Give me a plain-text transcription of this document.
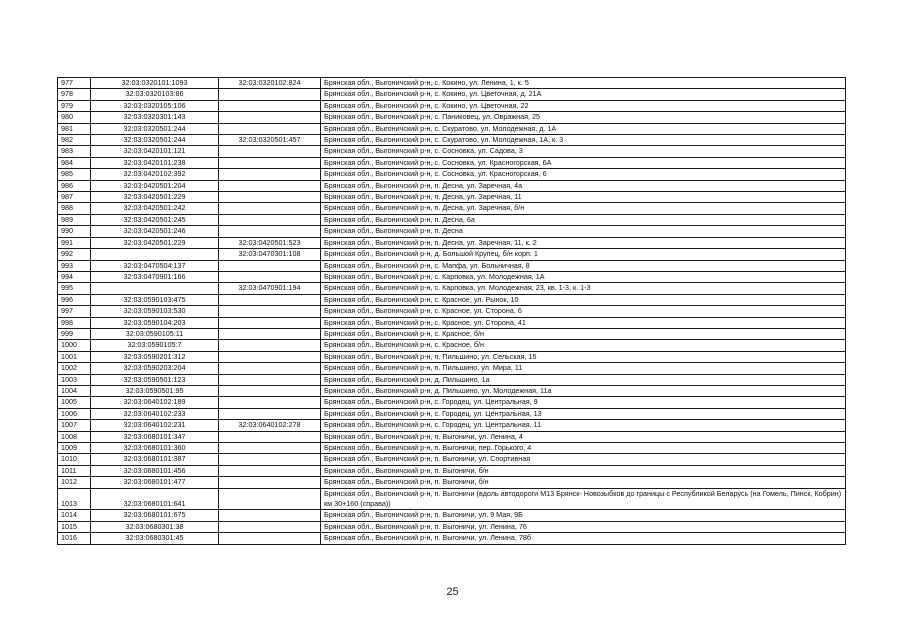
977	32:03:0320101:1093	32:03:0320102:824	Брянская обл., Выгоничский р-н, с. Кокино, ул. Ленина, 1, к. 5
978	32:03:0320103:86		Брянская обл., Выгоничский р-н, с. Кокино, ул. Цветочная, д. 21А
979	32:03:0320105:106		Брянская обл., Выгоничский р-н, с. Кокино, ул. Цветочная, 22
980	32:03:0320301:143		Брянская обл., Выгоничский р-н, с. Паниковец, ул. Овражная, 25
981	32:03:0320501:244		Брянская обл., Выгоничский р-н, с. Скуратово, ул. Молодежная, д. 1А
982	32:03:0320501:244	32:03:0320501:457	Брянская обл., Выгоничский р-н, с. Скуратово, ул. Молодежная, 1А, к. 3
983	32:03:0420101:121		Брянская обл., Выгоничский р-н, с. Сосновка, ул. Садова, 3
984	32:03:0420101:238		Брянская обл., Выгоничский р-н, с. Сосновка, ул. Красногорская, 6А
985	32:03:0420102:392		Брянская обл., Выгоничский р-н, с. Сосновка, ул. Красногорская, 6
986	32:03:0420501:204		Брянская обл., Выгоничский р-н, п. Десна, ул. Заречная, 4а
987	32:03:0420501:229		Брянская обл., Выгоничский р-н, п. Десна, ул. Заречная, 11
988	32:03:0420501:242		Брянская обл., Выгоничский р-н, п. Десна, ул. Заречная, б/н
989	32:03:0420501:245		Брянская обл., Выгоничский р-н, п. Десна, 6а
990	32:03:0420501:246		Брянская обл., Выгоничский р-н, п. Десна
991	32:03:0420501:229	32:03:0420501:523	Брянская обл., Выгоничский р-н, п. Десна, ул. Заречная, 11, к. 2
992		32:03:0470301:108	Брянская обл., Выгоничский р-н, д. Большой Крупец, б/н корп. 1
993	32:03:0470504:137		Брянская обл., Выгоничский р-н, с. Мапфа, ул. Больничная, 8
994	32:03:0470901:166		Брянская обл., Выгоничский р-н, с. Карповка, ул. Молодежная, 1А
995		32:03:0470901:194	Брянская обл., Выгоничский р-н, с. Карповка, ул. Молодежная, 23, кв. 1-3, к. 1-3
996	32:03:0590103:475		Брянская обл., Выгоничский р-н, с. Красное, ул. Рынок, 10
997	32:03:0590103:530		Брянская обл., Выгоничский р-н, с. Красное, ул. Сторона, 6
998	32:03:0590104:203		Брянская обл., Выгоничский р-н, с. Красное, ул. Сторона, 41
999	32:03:0590105:11		Брянская обл., Выгоничский р-н, с. Красное, б/н
1000	32:03:0590105:7		Брянская обл., Выгоничский р-н, с. Красное, б/н
1001	32:03:0590201:312		Брянская обл., Выгоничский р-н, п. Пильшино, ул. Сельская, 15
1002	32:03:0590203:204		Брянская обл., Выгоничский р-н, п. Пильшино, ул. Мира, 11
1003	32:03:0590501:123		Брянская обл., Выгоничский р-н, д. Пильшино, 1а
1004	32:03:0590501:95		Брянская обл., Выгоничский р-н, д. Пильшино, ул. Молодежная, 11а
1005	32:03:0640102:189		Брянская обл., Выгоничский р-н, с. Городец, ул. Центральная, 9
1006	32:03:0640102:233		Брянская обл., Выгоничский р-н, с. Городец, ул. Центральная, 13
1007	32:03:0640102:231	32:03:0640102:278	Брянская обл., Выгоничский р-н, с. Городец, ул. Центральная, 11
1008	32:03:0680101:347		Брянская обл., Выгоничский р-н, п. Выгоничи, ул. Ленина, 4
1009	32:03:0680101:360		Брянская обл., Выгоничский р-н, п. Выгоничи, пер. Горького, 4
1010	32:03:0680101:387		Брянская обл., Выгоничский р-н, п. Выгоничи, ул. Спортивная
1011	32:03:0680101:456		Брянская обл., Выгоничский р-н, п. Выгоничи, б/н
1012	32:03:0680101:477		Брянская обл., Выгоничский р-н, п. Выгоничи, б/н
1013	32:03:0680101:641		Брянская обл., Выгоничский р-н, п. Выгоничи (вдоль автодороги М13 Брянск- Новозыбков до границы с Республикой Беларусь (на Гомель, Пинск, Кобрин) км 30+160 (справа))
1014	32:03:0680101:675		Брянская обл., Выгоничский р-н, п. Выгоничи, ул. 9 Мая, 9Б
1015	32:03:0680301:38		Брянская обл., Выгоничский р-н, п. Выгоничи, ул. Ленина, 76
1016	32:03:0680301:45		Брянская обл., Выгоничский р-н, п. Выгоничи, ул. Ленина, 78б
25
